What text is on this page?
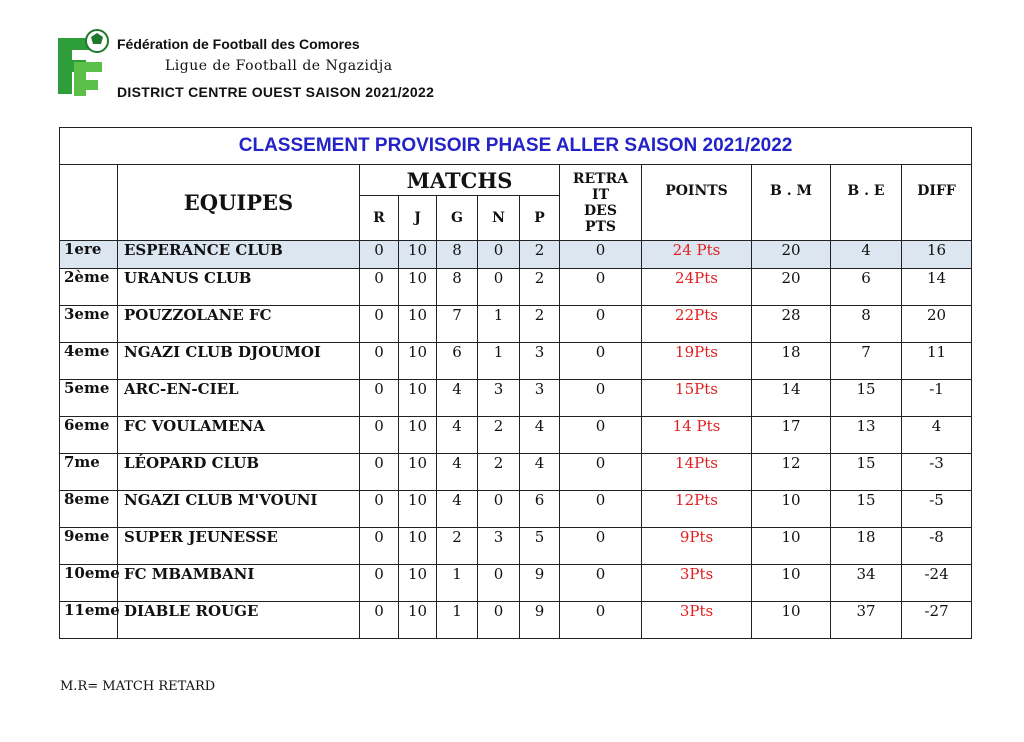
Fédération de Football des Comores
Ligue de Football de Ngazidja
DISTRICT CENTRE OUEST SAISON 2021/2022
CLASSEMENT PROVISOIR PHASE ALLER SAISON 2021/2022											
	EQUIPES	MATCHS					RETRA
IT
DES
PTS	POINTS	B . M	B . E	DIFF
		R	J	G	N	P					
1ere	ESPERANCE CLUB	0	10	8	0	2	0	24 Pts	20	4	16
2ème	URANUS CLUB	0	10	8	0	2	0	24Pts	20	6	14
3eme	POUZZOLANE FC	0	10	7	1	2	0	22Pts	28	8	20
4eme	NGAZI CLUB DJOUMOI	0	10	6	1	3	0	19Pts	18	7	11
5eme	ARC-EN-CIEL	0	10	4	3	3	0	15Pts	14	15	-1
6eme	FC VOULAMENA	0	10	4	2	4	0	14 Pts	17	13	4
7me	LÉOPARD CLUB	0	10	4	2	4	0	14Pts	12	15	-3
8eme	NGAZI CLUB M'VOUNI	0	10	4	0	6	0	12Pts	10	15	-5
9eme	SUPER JEUNESSE	0	10	2	3	5	0	9Pts	10	18	-8
10eme	FC MBAMBANI	0	10	1	0	9	0	3Pts	10	34	-24
11eme	DIABLE ROUGE	0	10	1	0	9	0	3Pts	10	37	-27
M.R= MATCH RETARD
